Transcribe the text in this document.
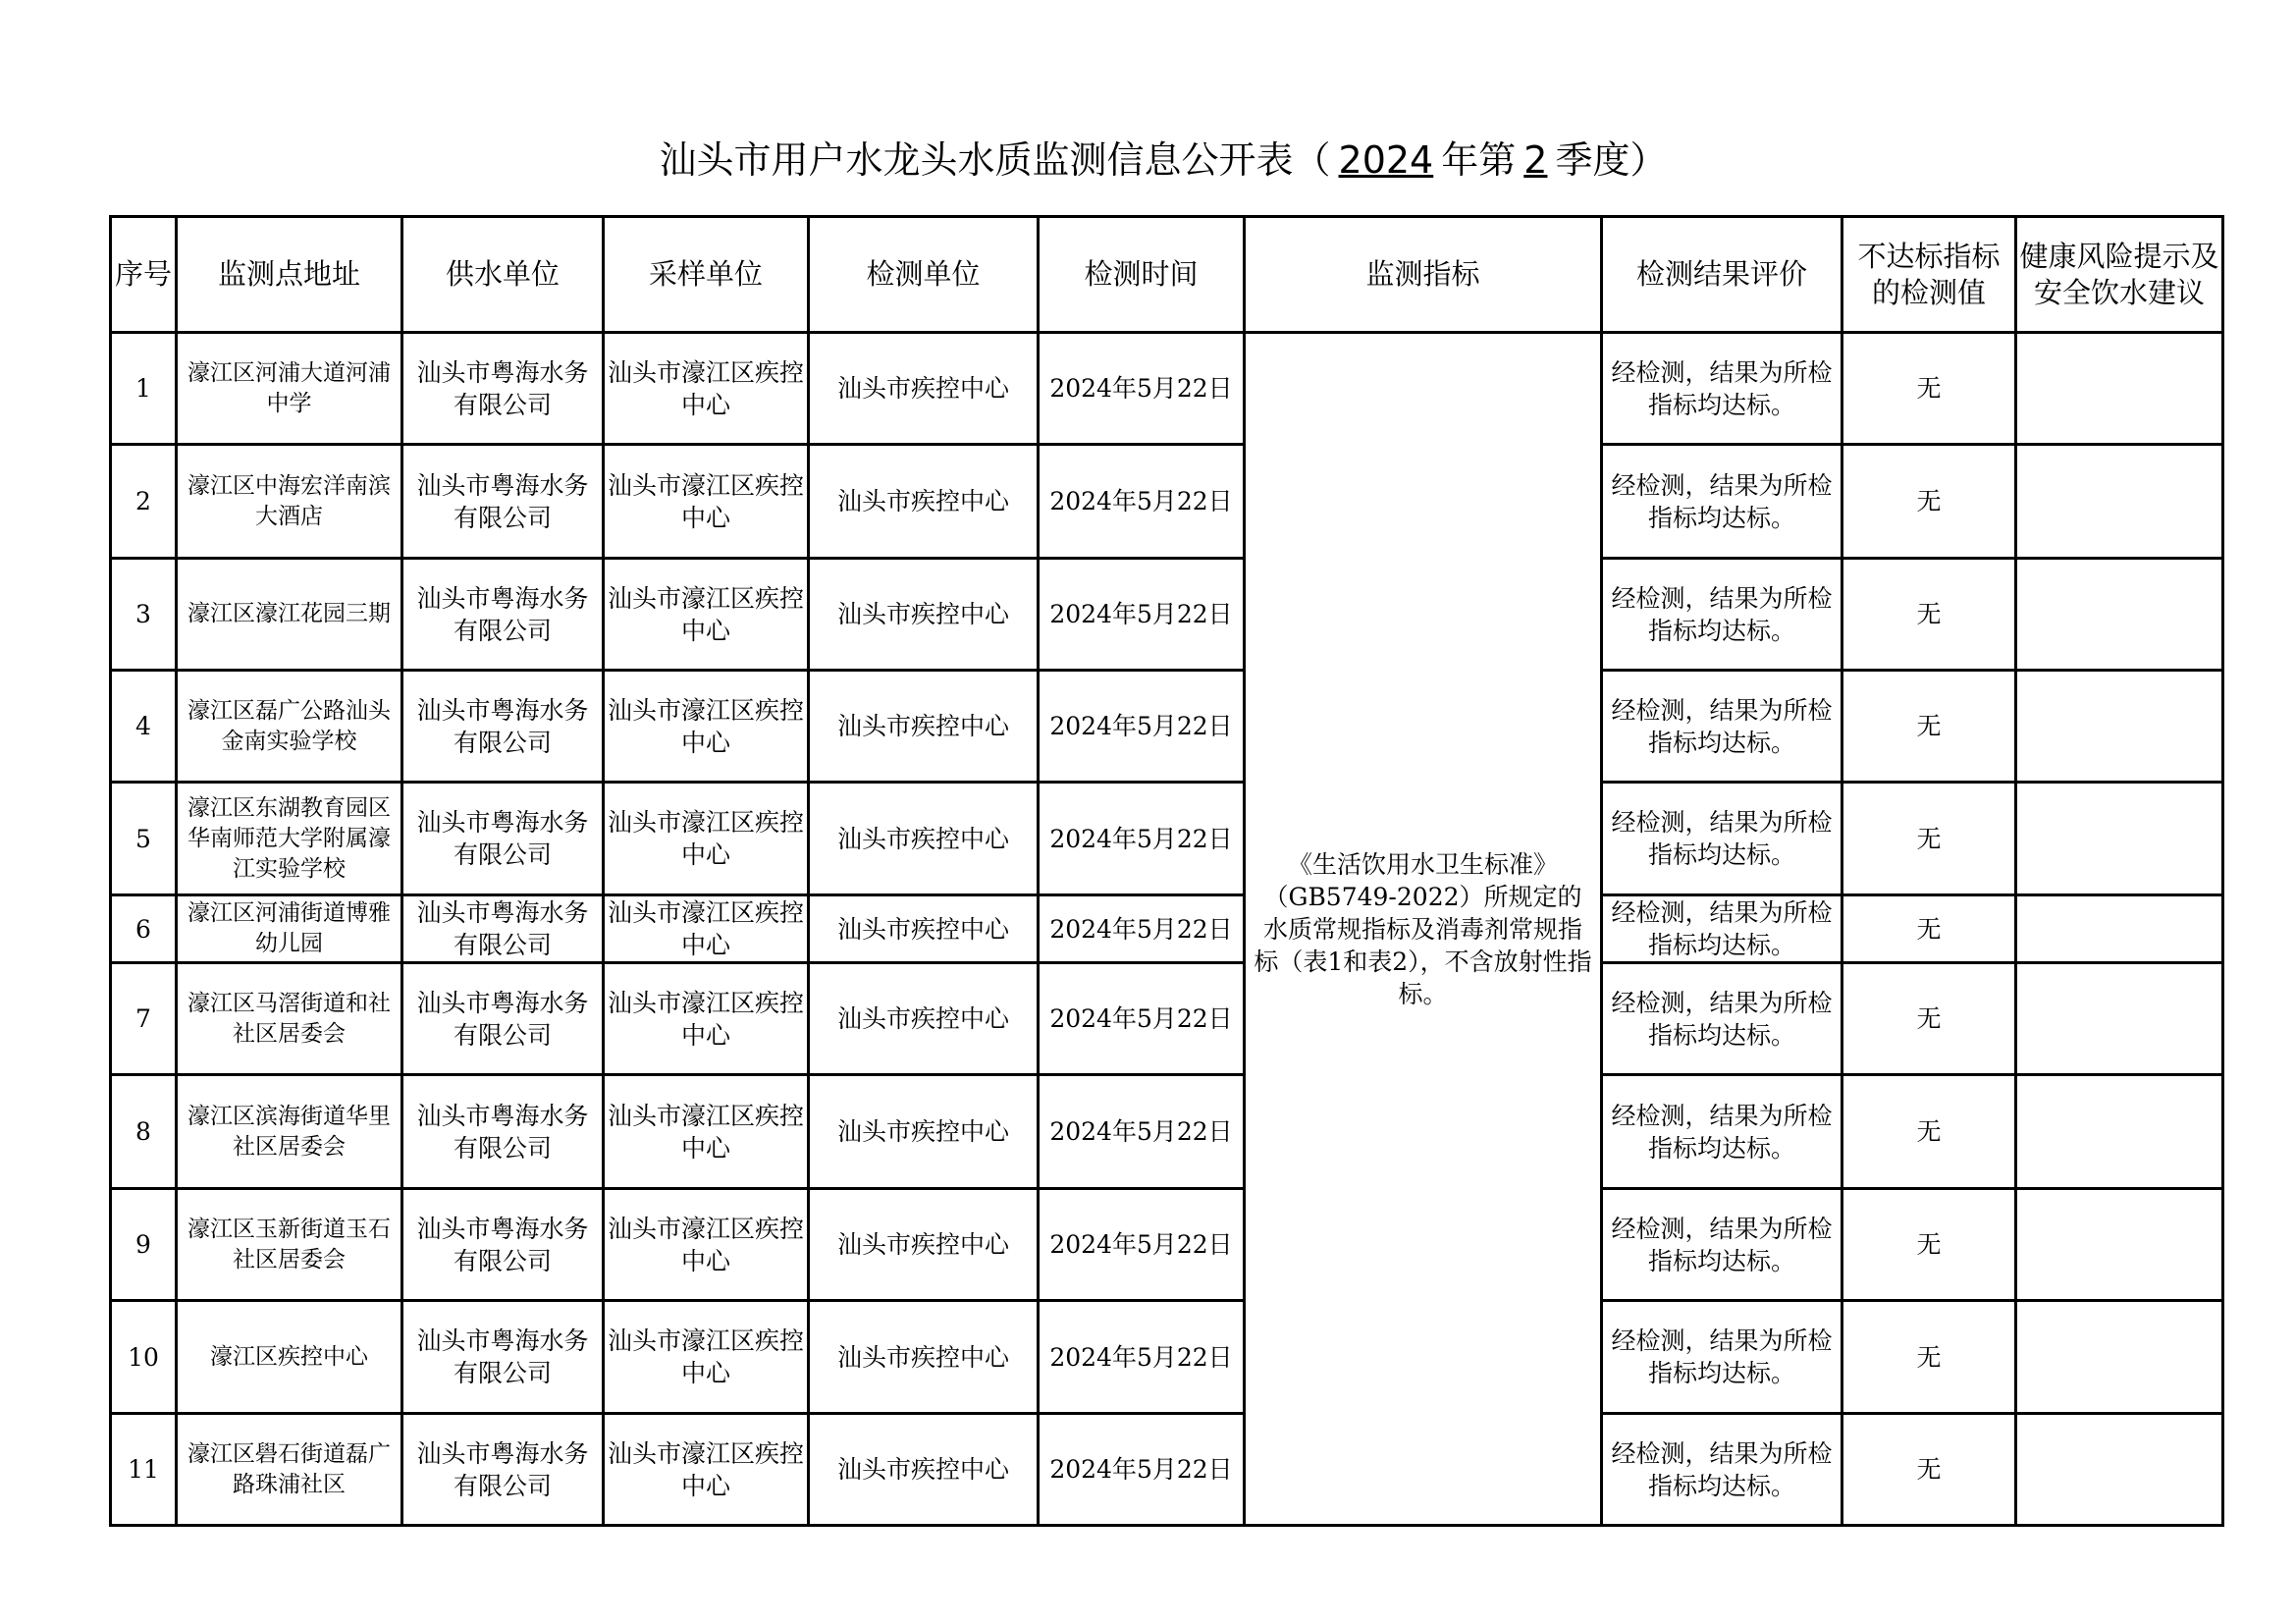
汕头市用户水龙头水质监测信息公开表（ 2024 年第 2 季度）
序号	监测点地址	供水单位	采样单位	检测单位	检测时间	监测指标	检测结果评价	不达标指标的检测值	健康风险提示及安全饮水建议
1	濠江区河浦大道河浦中学	汕头市粤海水务有限公司	汕头市濠江区疾控中心	汕头市疾控中心	2024年5月22日	《生活饮用水卫生标准》（GB5749-2022）所规定的水质常规指标及消毒剂常规指标（表1和表2），不含放射性指标。	经检测，结果为所检指标均达标。	无	
2	濠江区中海宏洋南滨大酒店	汕头市粤海水务有限公司	汕头市濠江区疾控中心	汕头市疾控中心	2024年5月22日		经检测，结果为所检指标均达标。	无	
3	濠江区濠江花园三期	汕头市粤海水务有限公司	汕头市濠江区疾控中心	汕头市疾控中心	2024年5月22日		经检测，结果为所检指标均达标。	无	
4	濠江区磊广公路汕头金南实验学校	汕头市粤海水务有限公司	汕头市濠江区疾控中心	汕头市疾控中心	2024年5月22日		经检测，结果为所检指标均达标。	无	
5	濠江区东湖教育园区华南师范大学附属濠江实验学校	汕头市粤海水务有限公司	汕头市濠江区疾控中心	汕头市疾控中心	2024年5月22日		经检测，结果为所检指标均达标。	无	
6	濠江区河浦街道博雅幼儿园	汕头市粤海水务有限公司	汕头市濠江区疾控中心	汕头市疾控中心	2024年5月22日		经检测，结果为所检指标均达标。	无	
7	濠江区马滘街道和社社区居委会	汕头市粤海水务有限公司	汕头市濠江区疾控中心	汕头市疾控中心	2024年5月22日		经检测，结果为所检指标均达标。	无	
8	濠江区滨海街道华里社区居委会	汕头市粤海水务有限公司	汕头市濠江区疾控中心	汕头市疾控中心	2024年5月22日		经检测，结果为所检指标均达标。	无	
9	濠江区玉新街道玉石社区居委会	汕头市粤海水务有限公司	汕头市濠江区疾控中心	汕头市疾控中心	2024年5月22日		经检测，结果为所检指标均达标。	无	
10	濠江区疾控中心	汕头市粤海水务有限公司	汕头市濠江区疾控中心	汕头市疾控中心	2024年5月22日		经检测，结果为所检指标均达标。	无	
11	濠江区礐石街道磊广路珠浦社区	汕头市粤海水务有限公司	汕头市濠江区疾控中心	汕头市疾控中心	2024年5月22日		经检测，结果为所检指标均达标。	无	
